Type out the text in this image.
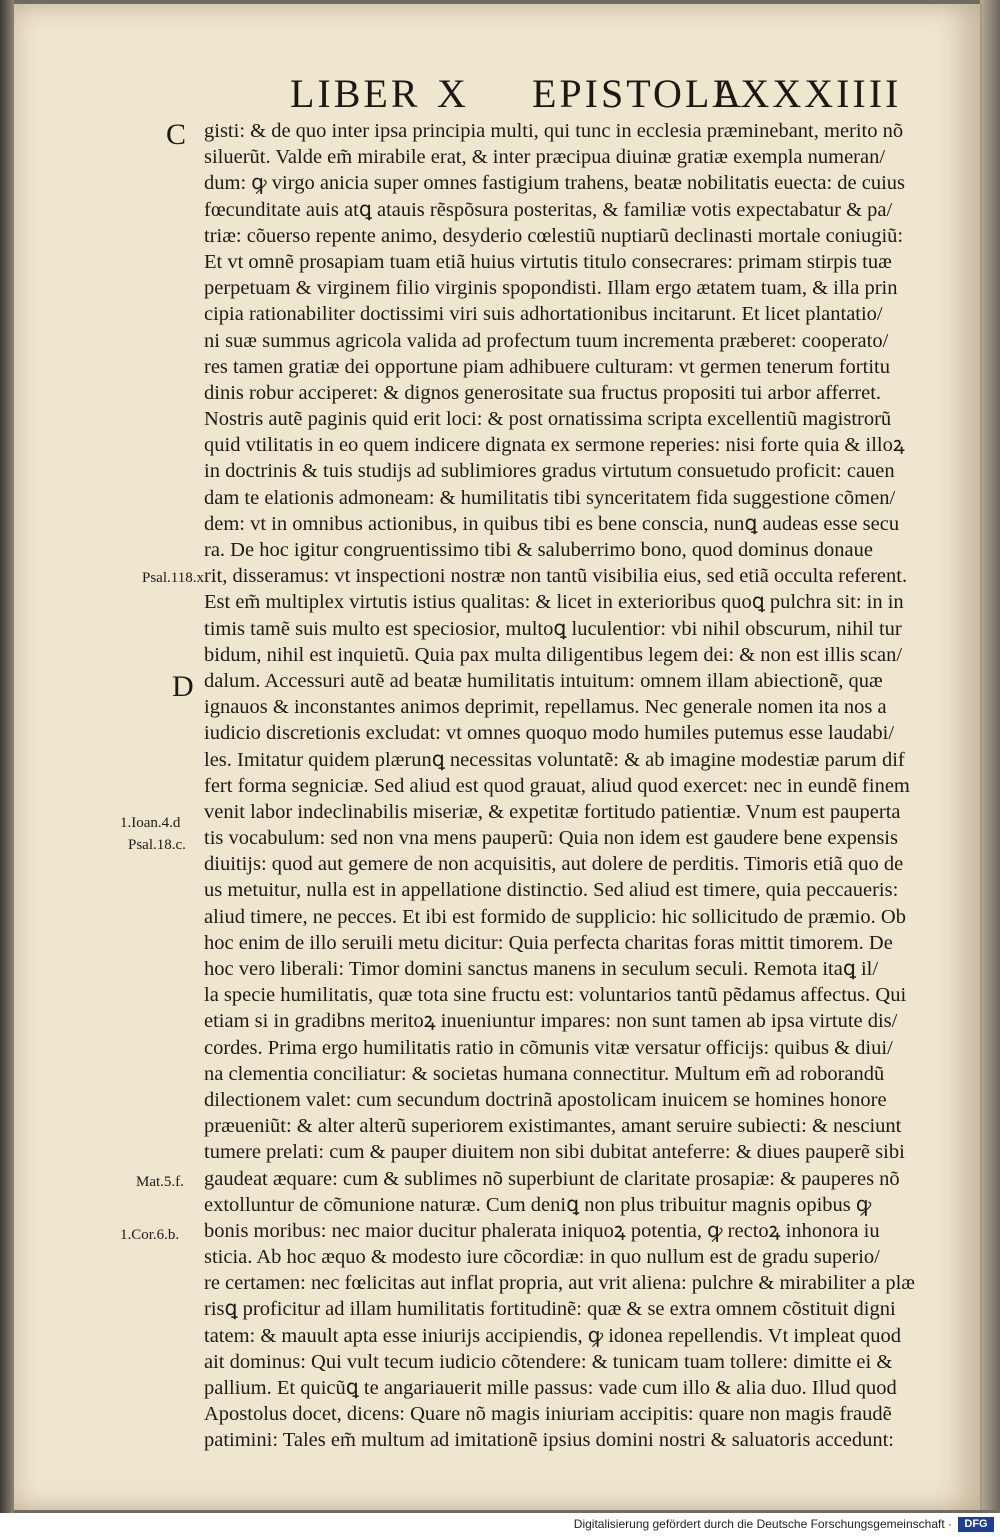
LIBER X EPISTOLA
LXXXIIII
C
D
Psal.118.x
1.Ioan.4.d
Psal.18.c.
Mat.5.f.
1.Cor.6.b.
gisti: & de quo inter ipsa principia multi, qui tunc in ecclesia præminebant, merito nõ
siluerũt. Valde em̃ mirabile erat, & inter præcipua diuinæ gratiæ exempla numeran/
dum: ꝙ virgo anicia super omnes fastigium trahens, beatæ nobilitatis euecta: de cuius
fœcunditate auis atꝗ atauis rẽspõsura posteritas, & familiæ votis expectabatur & pa/
triæ: cõuerso repente animo, desyderio cœlestiũ nuptiarũ declinasti mortale coniugiũ:
Et vt omnẽ prosapiam tuam etiã huius virtutis titulo consecrares: primam stirpis tuæ
perpetuam & virginem filio virginis spopondisti. Illam ergo ætatem tuam, & illa prin
cipia rationabiliter doctissimi viri suis adhortationibus incitarunt. Et licet plantatio/
ni suæ summus agricola valida ad profectum tuum incrementa præberet: cooperato/
res tamen gratiæ dei opportune piam adhibuere culturam: vt germen tenerum fortitu
dinis robur acciperet: & dignos generositate sua fructus propositi tui arbor afferret.
Nostris autẽ paginis quid erit loci: & post ornatissima scripta excellentiũ magistrorũ
quid vtilitatis in eo quem indicere dignata ex sermone reperies: nisi forte quia & illoꝝ
in doctrinis & tuis studijs ad sublimiores gradus virtutum consuetudo proficit: cauen
dam te elationis admoneam: & humilitatis tibi synceritatem fida suggestione cõmen/
dem: vt in omnibus actionibus, in quibus tibi es bene conscia, nunꝗ audeas esse secu
ra. De hoc igitur congruentissimo tibi & saluberrimo bono, quod dominus donaue
rit, disseramus: vt inspectioni nostræ non tantũ visibilia eius, sed etiã occulta referent.
Est em̃ multiplex virtutis istius qualitas: & licet in exterioribus quoꝗ pulchra sit: in in
timis tamẽ suis multo est speciosior, multoꝗ luculentior: vbi nihil obscurum, nihil tur
bidum, nihil est inquietũ. Quia pax multa diligentibus legem dei: & non est illis scan/
dalum. Accessuri autẽ ad beatæ humilitatis intuitum: omnem illam abiectionẽ, quæ
ignauos & inconstantes animos deprimit, repellamus. Nec generale nomen ita nos a
iudicio discretionis excludat: vt omnes quoquo modo humiles putemus esse laudabi/
les. Imitatur quidem plærunꝗ necessitas voluntatẽ: & ab imagine modestiæ parum dif
fert forma segniciæ. Sed aliud est quod grauat, aliud quod exercet: nec in eundẽ finem
venit labor indeclinabilis miseriæ, & expetitæ fortitudo patientiæ. Vnum est pauperta
tis vocabulum: sed non vna mens pauperũ: Quia non idem est gaudere bene expensis
diuitijs: quod aut gemere de non acquisitis, aut dolere de perditis. Timoris etiã quo de
us metuitur, nulla est in appellatione distinctio. Sed aliud est timere, quia peccaueris:
aliud timere, ne pecces. Et ibi est formido de supplicio: hic sollicitudo de præmio. Ob
hoc enim de illo seruili metu dicitur: Quia perfecta charitas foras mittit timorem. De
hoc vero liberali: Timor domini sanctus manens in seculum seculi. Remota itaꝗ il/
la specie humilitatis, quæ tota sine fructu est: voluntarios tantũ pẽdamus affectus. Qui
etiam si in gradibns meritoꝝ inueniuntur impares: non sunt tamen ab ipsa virtute dis/
cordes. Prima ergo humilitatis ratio in cõmunis vitæ versatur officijs: quibus & diui/
na clementia conciliatur: & societas humana connectitur. Multum em̃ ad roborandũ
dilectionem valet: cum secundum doctrinã apostolicam inuicem se homines honore
præueniũt: & alter alterũ superiorem existimantes, amant seruire subiecti: & nesciunt
tumere prelati: cum & pauper diuitem non sibi dubitat anteferre: & diues pauperẽ sibi
gaudeat æquare: cum & sublimes nõ superbiunt de claritate prosapiæ: & pauperes nõ
extolluntur de cõmunione naturæ. Cum deniꝗ non plus tribuitur magnis opibus ꝙ
bonis moribus: nec maior ducitur phalerata iniquoꝝ potentia, ꝙ rectoꝝ inhonora iu
sticia. Ab hoc æquo & modesto iure cõcordiæ: in quo nullum est de gradu superio/
re certamen: nec fœlicitas aut inflat propria, aut vrit aliena: pulchre & mirabiliter a plæ
risꝗ proficitur ad illam humilitatis fortitudinẽ: quæ & se extra omnem cõstituit digni
tatem: & mauult apta esse iniurijs accipiendis, ꝙ idonea repellendis. Vt impleat quod
ait dominus: Qui vult tecum iudicio cõtendere: & tunicam tuam tollere: dimitte ei &
pallium. Et quicũꝗ te angariauerit mille passus: vade cum illo & alia duo. Illud quod
Apostolus docet, dicens: Quare nõ magis iniuriam accipitis: quare non magis fraudẽ
patimini: Tales em̃ multum ad imitationẽ ipsius domini nostri & saluatoris accedunt:
Digitalisierung gefördert durch die Deutsche Forschungsgemeinschaft ·	DFG
